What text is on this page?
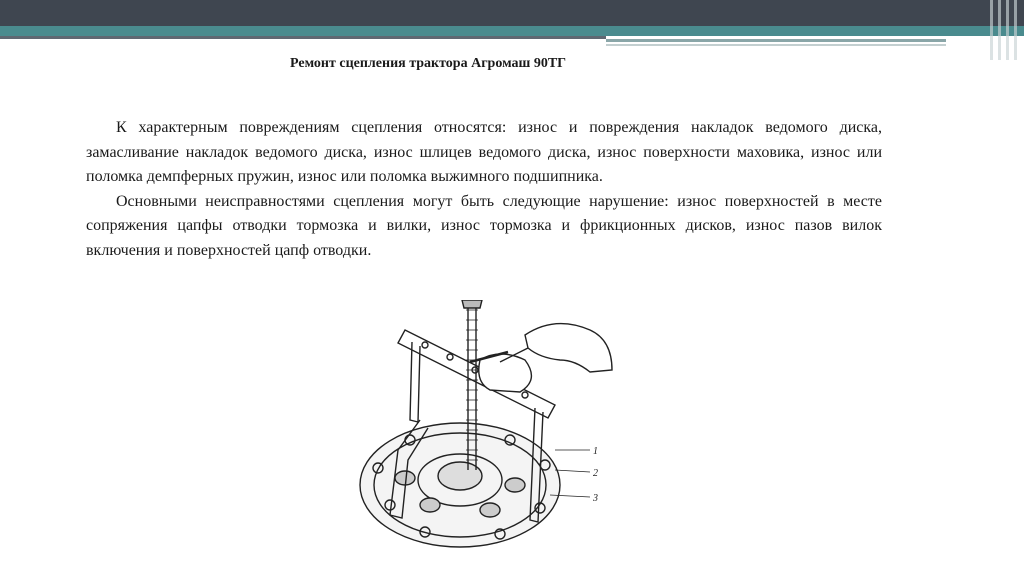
Ремонт сцепления трактора Агромаш 90ТГ

К характерным повреждениям сцепления относятся: износ и повреждения накладок ведомого диска, замасливание накладок ведомого диска, износ шлицев ведомого диска, износ поверхности маховика, износ или поломка демпферных пружин, износ или поломка выжимного подшипника.

Основными неисправностями сцепления могут быть следующие нарушение: износ поверхностей в месте сопряжения цапфы отводки тормозка и вилки, износ тормозка и фрикционных дисков, износ пазов вилок включения и поверхностей цапф отводки.

1
2
3
